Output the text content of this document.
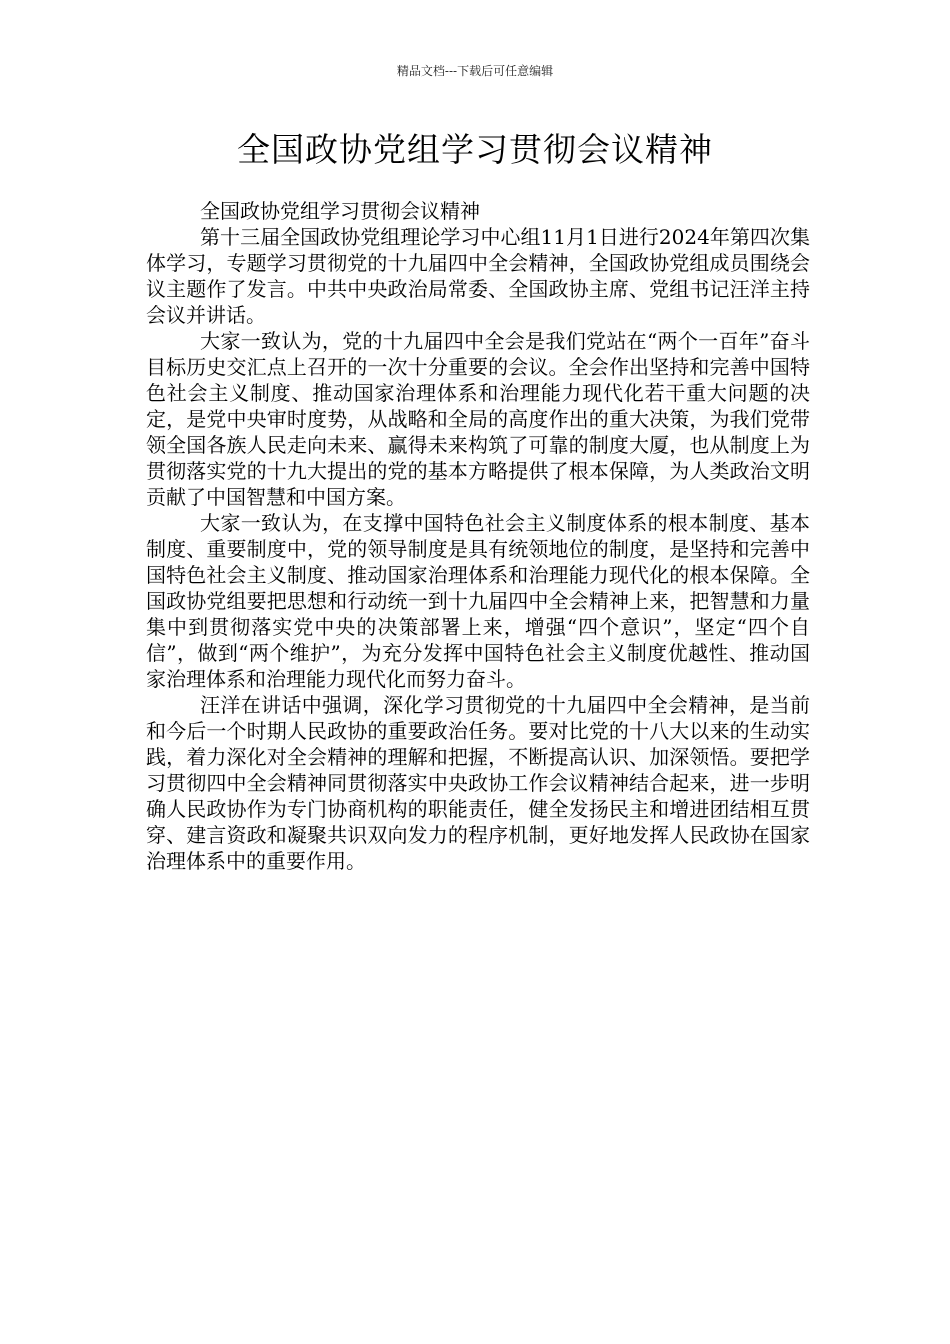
精品文档---下载后可任意编辑
全国政协党组学习贯彻会议精神

全国政协党组学习贯彻会议精神

第十三届全国政协党组理论学习中心组11月1日进行2024年第四次集体学习，专题学习贯彻党的十九届四中全会精神，全国政协党组成员围绕会议主题作了发言。中共中央政治局常委、全国政协主席、党组书记汪洋主持会议并讲话。

大家一致认为，党的十九届四中全会是我们党站在“两个一百年”奋斗目标历史交汇点上召开的一次十分重要的会议。全会作出坚持和完善中国特色社会主义制度、推动国家治理体系和治理能力现代化若干重大问题的决定，是党中央审时度势，从战略和全局的高度作出的重大决策，为我们党带领全国各族人民走向未来、赢得未来构筑了可靠的制度大厦，也从制度上为贯彻落实党的十九大提出的党的基本方略提供了根本保障，为人类政治文明贡献了中国智慧和中国方案。

大家一致认为，在支撑中国特色社会主义制度体系的根本制度、基本制度、重要制度中，党的领导制度是具有统领地位的制度，是坚持和完善中国特色社会主义制度、推动国家治理体系和治理能力现代化的根本保障。全国政协党组要把思想和行动统一到十九届四中全会精神上来，把智慧和力量集中到贯彻落实党中央的决策部署上来，增强“四个意识”，坚定“四个自信”，做到“两个维护”，为充分发挥中国特色社会主义制度优越性、推动国家治理体系和治理能力现代化而努力奋斗。

汪洋在讲话中强调，深化学习贯彻党的十九届四中全会精神，是当前和今后一个时期人民政协的重要政治任务。要对比党的十八大以来的生动实践，着力深化对全会精神的理解和把握，不断提高认识、加深领悟。要把学习贯彻四中全会精神同贯彻落实中央政协工作会议精神结合起来，进一步明确人民政协作为专门协商机构的职能责任，健全发扬民主和增进团结相互贯穿、建言资政和凝聚共识双向发力的程序机制，更好地发挥人民政协在国家治理体系中的重要作用。
